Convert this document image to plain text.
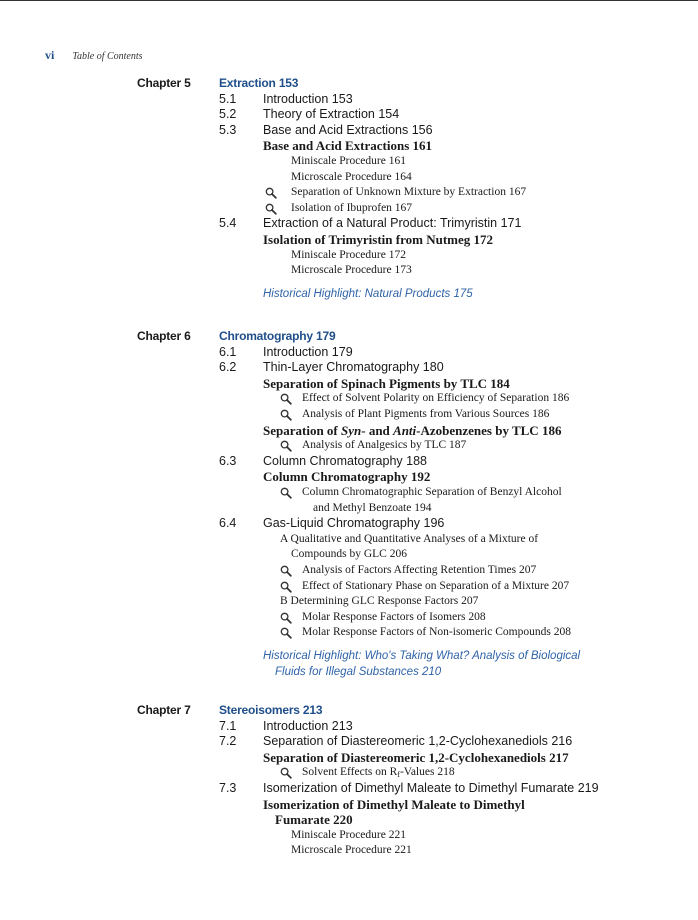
vi Table of Contents
Chapter 5 Extraction 153
5.1 Introduction 153
5.2 Theory of Extraction 154
5.3 Base and Acid Extractions 156
Base and Acid Extractions 161
Miniscale Procedure 161
Microscale Procedure 164
Separation of Unknown Mixture by Extraction 167
Isolation of Ibuprofen 167
5.4 Extraction of a Natural Product: Trimyristin 171
Isolation of Trimyristin from Nutmeg 172
Miniscale Procedure 172
Microscale Procedure 173
Historical Highlight: Natural Products 175
Chapter 6 Chromatography 179
6.1 Introduction 179
6.2 Thin-Layer Chromatography 180
Separation of Spinach Pigments by TLC 184
Effect of Solvent Polarity on Efficiency of Separation 186
Analysis of Plant Pigments from Various Sources 186
Separation of Syn- and Anti-Azobenzenes by TLC 186
Analysis of Analgesics by TLC 187
6.3 Column Chromatography 188
Column Chromatography 192
Column Chromatographic Separation of Benzyl Alcohol
and Methyl Benzoate 194
6.4 Gas-Liquid Chromatography 196
A Qualitative and Quantitative Analyses of a Mixture of
Compounds by GLC 206
Analysis of Factors Affecting Retention Times 207
Effect of Stationary Phase on Separation of a Mixture 207
B Determining GLC Response Factors 207
Molar Response Factors of Isomers 208
Molar Response Factors of Non-isomeric Compounds 208
Historical Highlight: Who's Taking What? Analysis of Biological
Fluids for Illegal Substances 210
Chapter 7 Stereoisomers 213
7.1 Introduction 213
7.2 Separation of Diastereomeric 1,2-Cyclohexanediols 216
Separation of Diastereomeric 1,2-Cyclohexanediols 217
Solvent Effects on Rf-Values 218
7.3 Isomerization of Dimethyl Maleate to Dimethyl Fumarate 219
Isomerization of Dimethyl Maleate to Dimethyl
Fumarate 220
Miniscale Procedure 221
Microscale Procedure 221
